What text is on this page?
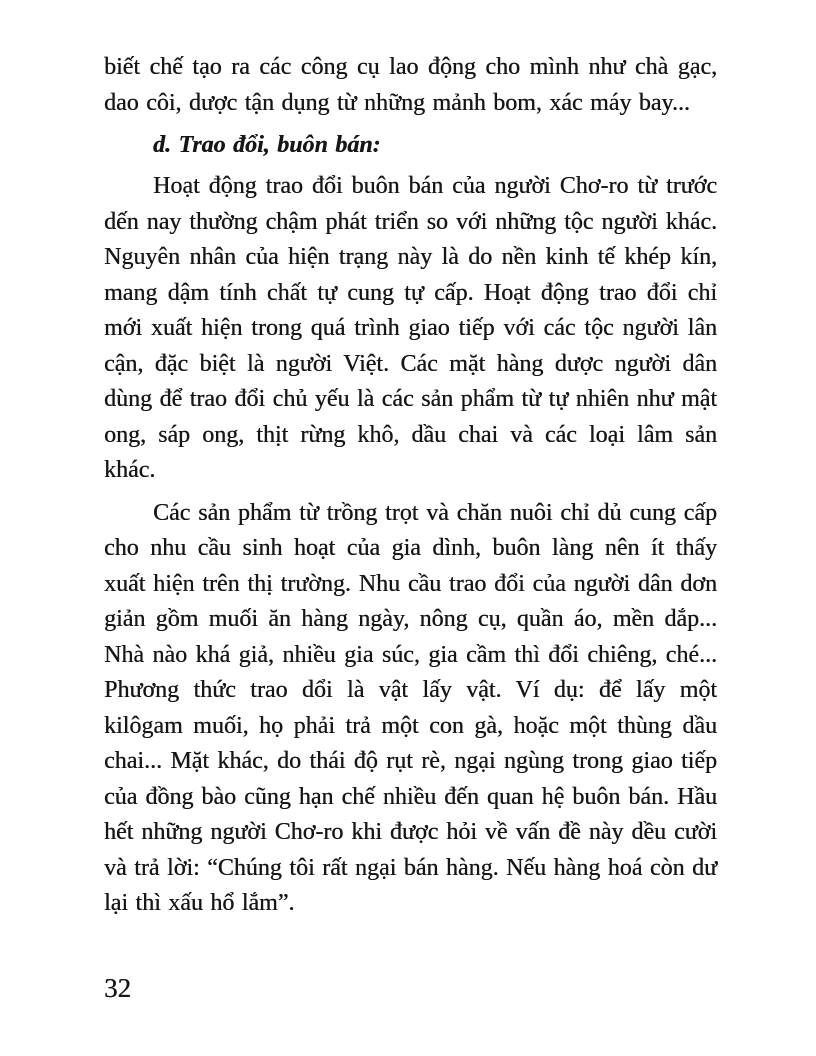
biết chế tạo ra các công cụ lao động cho mình như chà gạc, dao côi, dược tận dụng từ những mảnh bom, xác máy bay...

d. Trao đổi, buôn bán:

Hoạt động trao đổi buôn bán của người Chơ-ro từ trước dến nay thường chậm phát triển so với những tộc người khác. Nguyên nhân của hiện trạng này là do nền kinh tế khép kín, mang dậm tính chất tự cung tự cấp. Hoạt động trao đổi chỉ mới xuất hiện trong quá trình giao tiếp với các tộc người lân cận, đặc biệt là người Việt. Các mặt hàng dược người dân dùng để trao đổi chủ yếu là các sản phẩm từ tự nhiên như mật ong, sáp ong, thịt rừng khô, dầu chai và các loại lâm sản khác.

Các sản phẩm từ trồng trọt và chăn nuôi chỉ dủ cung cấp cho nhu cầu sinh hoạt của gia dình, buôn làng nên ít thấy xuất hiện trên thị trường. Nhu cầu trao đổi của người dân dơn giản gồm muối ăn hàng ngày, nông cụ, quần áo, mền dắp... Nhà nào khá giả, nhiều gia súc, gia cầm thì đổi chiêng, ché... Phương thức trao dổi là vật lấy vật. Ví dụ: để lấy một kilôgam muối, họ phải trả một con gà, hoặc một thùng dầu chai... Mặt khác, do thái độ rụt rè, ngại ngùng trong giao tiếp của đồng bào cũng hạn chế nhiều đến quan hệ buôn bán. Hầu hết những người Chơ-ro khi được hỏi về vấn đề này dều cười và trả lời: “Chúng tôi rất ngại bán hàng. Nếu hàng hoá còn dư lại thì xấu hổ lắm”.

32
